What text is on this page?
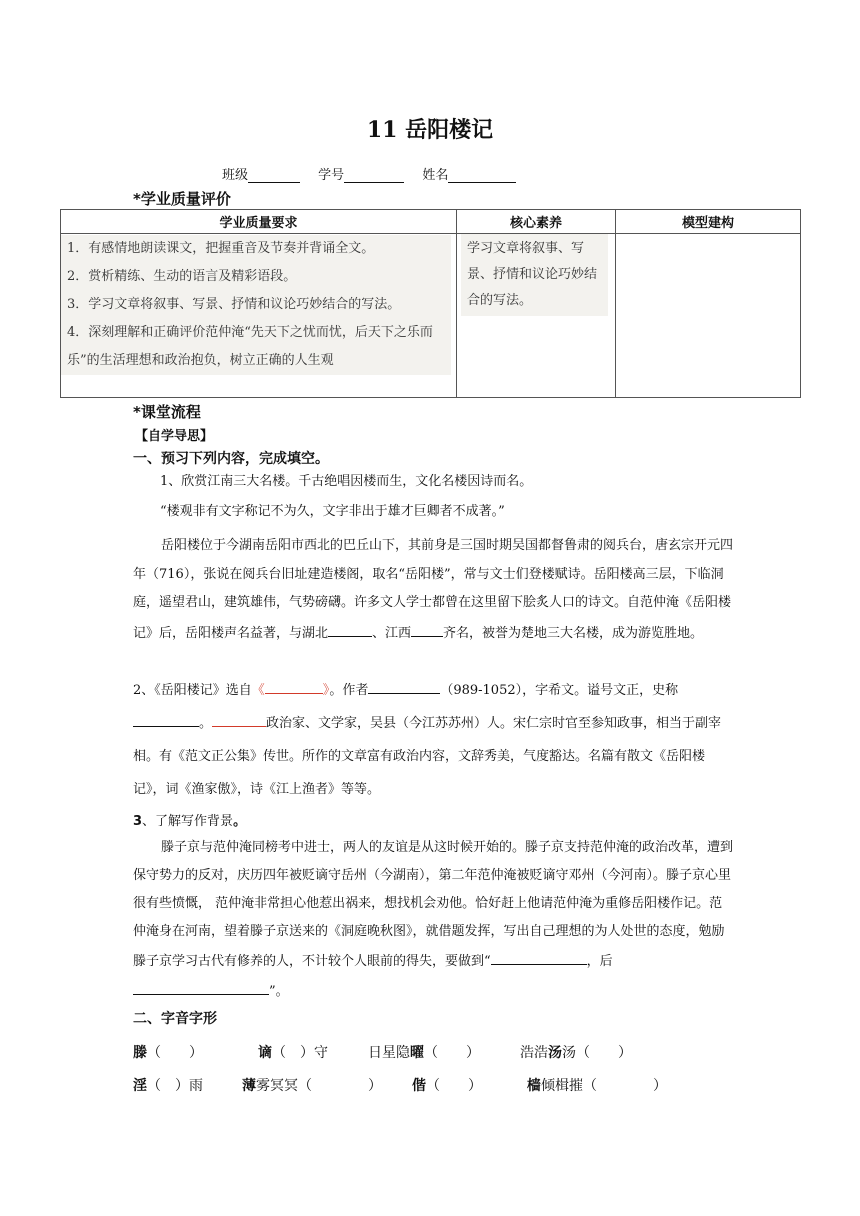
11 岳阳楼记
班级	学号	姓名
*学业质量评价
学业质量要求	核心素养	模型建构

1．有感情地朗读课文，把握重音及节奏并背诵全文。
2．赏析精练、生动的语言及精彩语段。
3．学习文章将叙事、写景、抒情和议论巧妙结合的写法。
4．深刻理解和正确评价范仲淹“先天下之忧而忧，后天下之乐而乐”的生活理想和政治抱负，树立正确的人生观	学习文章将叙事、写景、抒情和议论巧妙结合的写法。	

*课堂流程
【自学导思】
一、预习下列内容，完成填空。
1、欣赏江南三大名楼。千古绝唱因楼而生，文化名楼因诗而名。
“楼观非有文字称记不为久，文字非出于雄才巨卿者不成著。”
岳阳楼位于今湖南岳阳市西北的巴丘山下，其前身是三国时期吴国都督鲁肃的阅兵台，唐玄宗开元四年（716），张说在阅兵台旧址建造楼阁，取名“岳阳楼”，常与文士们登楼赋诗。岳阳楼高三层，下临洞庭，遥望君山，建筑雄伟，气势磅礴。许多文人学士都曾在这里留下脍炙人口的诗文。自范仲淹《岳阳楼记》后，岳阳楼声名益著，与湖北	、江西 齐名，被誉为楚地三大名楼，成为游览胜地。
2、《岳阳楼记》选自《	》。作者	（989-1052），字希文。谥号文正，史称。	政治家、文学家，吴县（今江苏苏州）人。宋仁宗时官至参知政事，相当于副宰相。有《范文正公集》传世。所作的文章富有政治内容，文辞秀美，气度豁达。名篇有散文《岳阳楼记》，词《渔家傲》，诗《江上渔者》等等。
3、了解写作背景。
滕子京与范仲淹同榜考中进士，两人的友谊是从这时候开始的。滕子京支持范仲淹的政治改革，遭到保守势力的反对，庆历四年被贬谪守岳州（今湖南），第二年范仲淹被贬谪守邓州（今河南）。滕子京心里很有些愤慨， 范仲淹非常担心他惹出祸来，想找机会劝他。恰好赶上他请范仲淹为重修岳阳楼作记。范仲淹身在河南，望着滕子京送来的《洞庭晚秋图》，就借题发挥，写出自己理想的为人处世的态度，勉励滕子京学习古代有修养的人，不计较个人眼前的得失，要做到“	，后”。
二、字音字形
滕（　　）	谪（　）守	日星隐曜（　　）	浩浩汤汤（　　）
淫（　）雨	薄雾冥冥（　　　　） 偕（　　）	樯倾楫摧（　　　　）
